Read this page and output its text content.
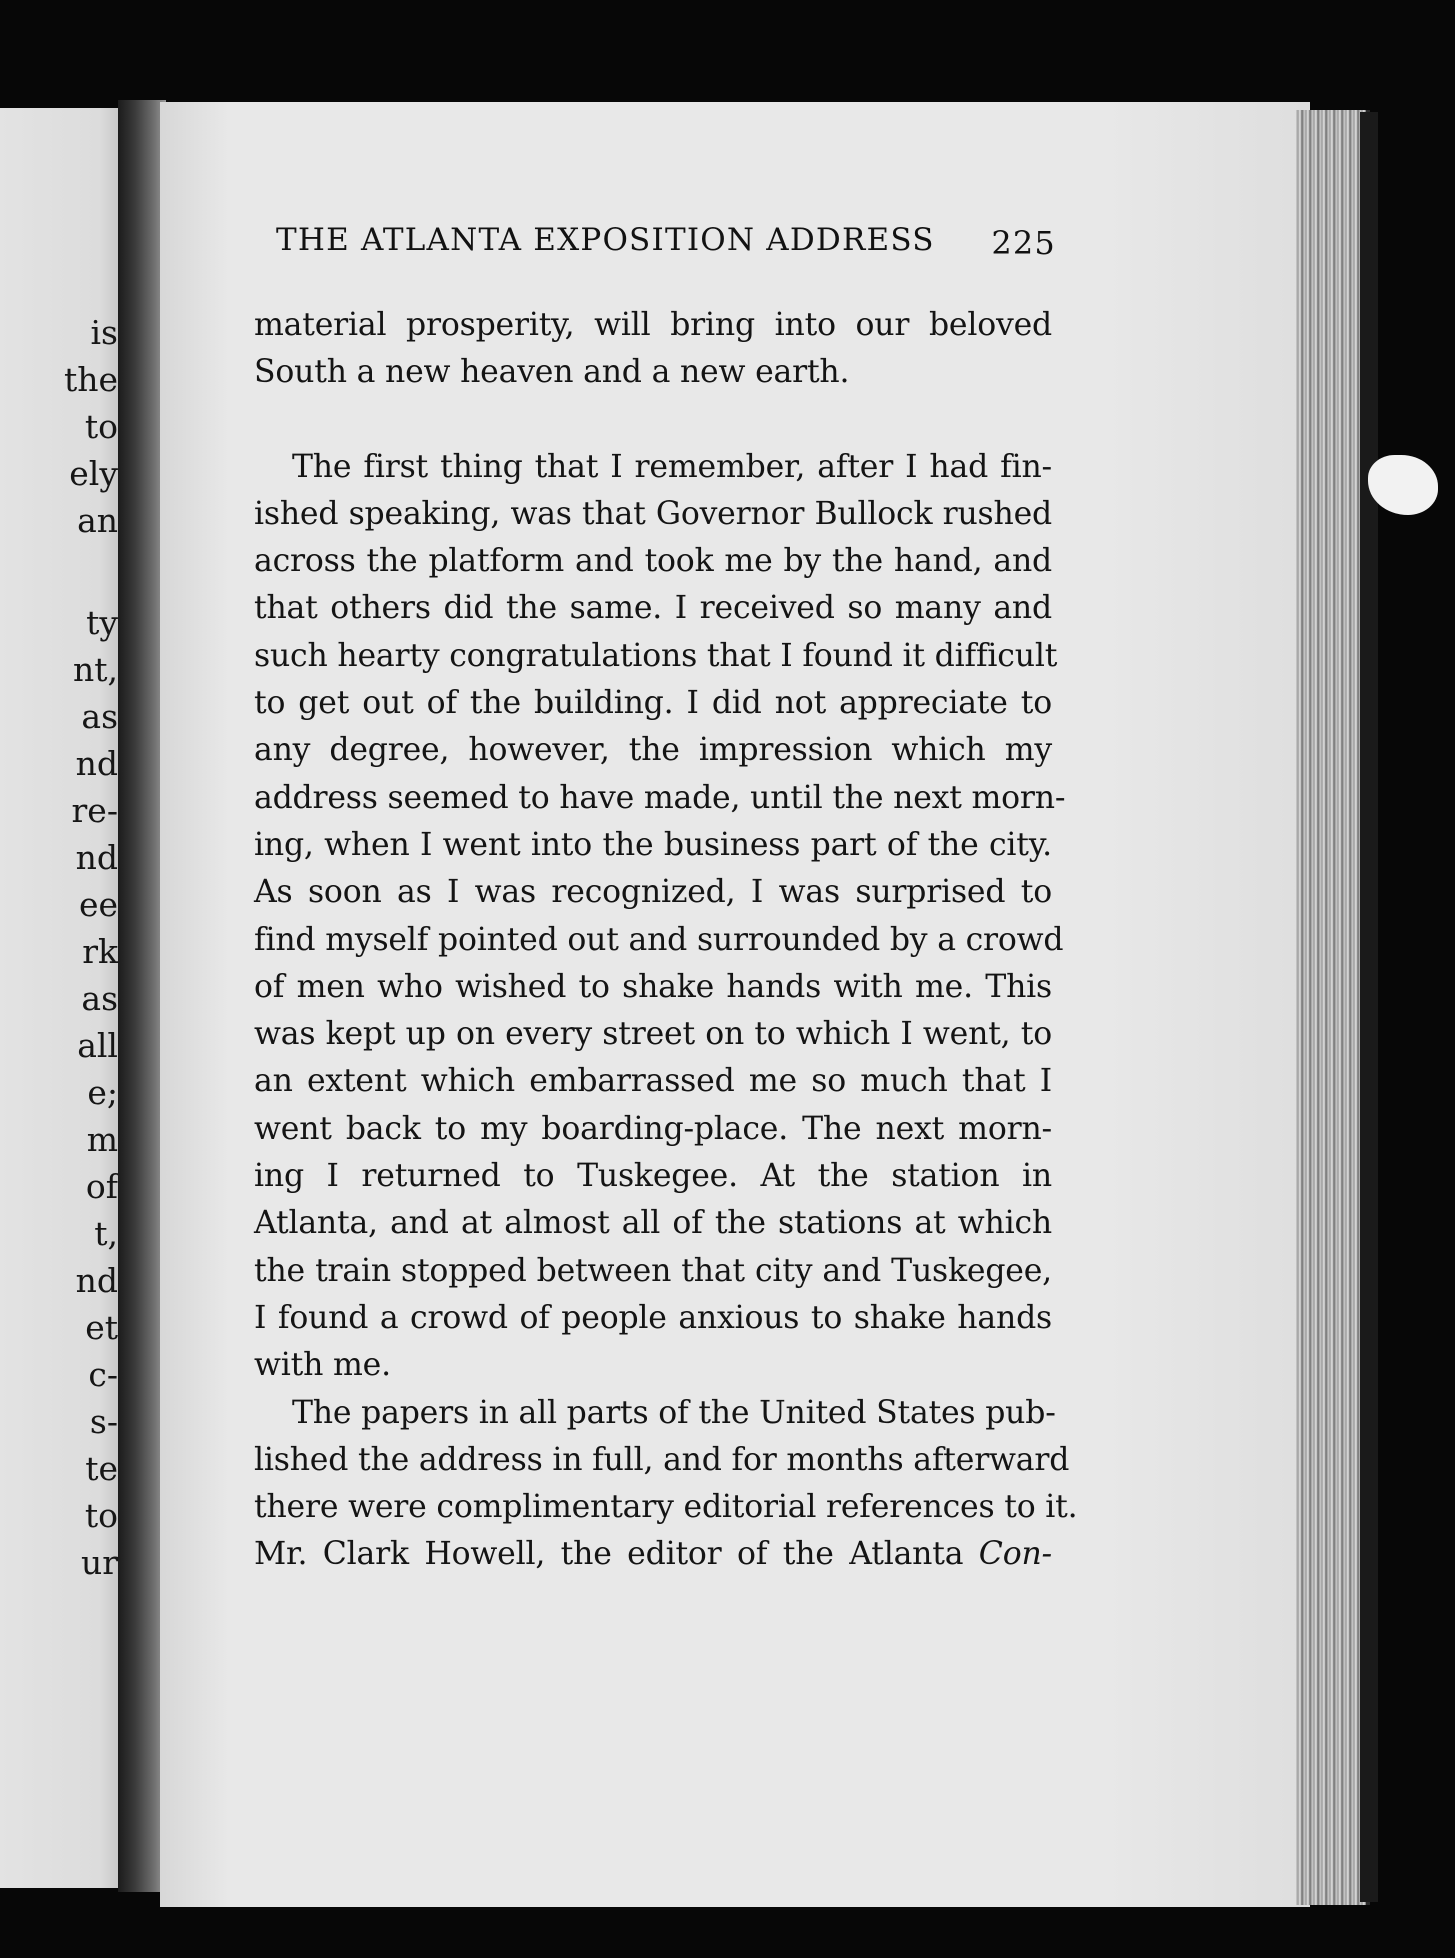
is
the
to
ely
an
ty
nt,
as
nd
re-
nd
ee
rk
as
all
e;
m
of
t,
nd
et
c-
s-
te
to
ur
THE ATLANTA EXPOSITION ADDRESS 225
material prosperity, will bring into our beloved
South a new heaven and a new earth.
The first thing that I remember, after I had fin-
ished speaking, was that Governor Bullock rushed
across the platform and took me by the hand, and
that others did the same. I received so many and
such hearty congratulations that I found it difficult
to get out of the building. I did not appreciate to
any degree, however, the impression which my
address seemed to have made, until the next morn-
ing, when I went into the business part of the city.
As soon as I was recognized, I was surprised to
find myself pointed out and surrounded by a crowd
of men who wished to shake hands with me. This
was kept up on every street on to which I went, to
an extent which embarrassed me so much that I
went back to my boarding-place. The next morn-
ing I returned to Tuskegee. At the station in
Atlanta, and at almost all of the stations at which
the train stopped between that city and Tuskegee,
I found a crowd of people anxious to shake hands
with me.
The papers in all parts of the United States pub-
lished the address in full, and for months afterward
there were complimentary editorial references to it.
Mr. Clark Howell, the editor of the Atlanta Con-
